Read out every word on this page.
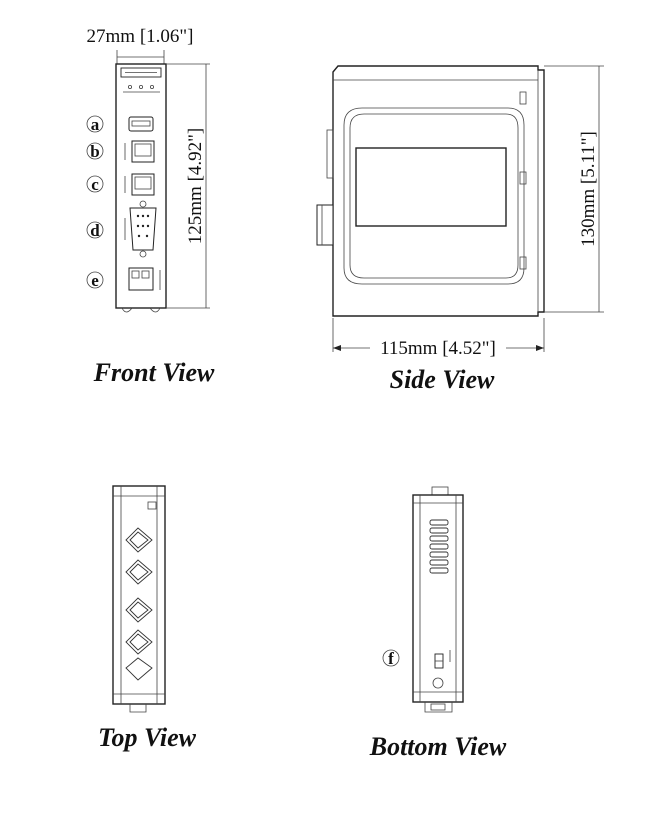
27mm [1.06"]
125mm [4.92"]
a
b
c
d
e
Front View
130mm [5.11"]
115mm [4.52"]
Side View
Top View
f
Bottom View
